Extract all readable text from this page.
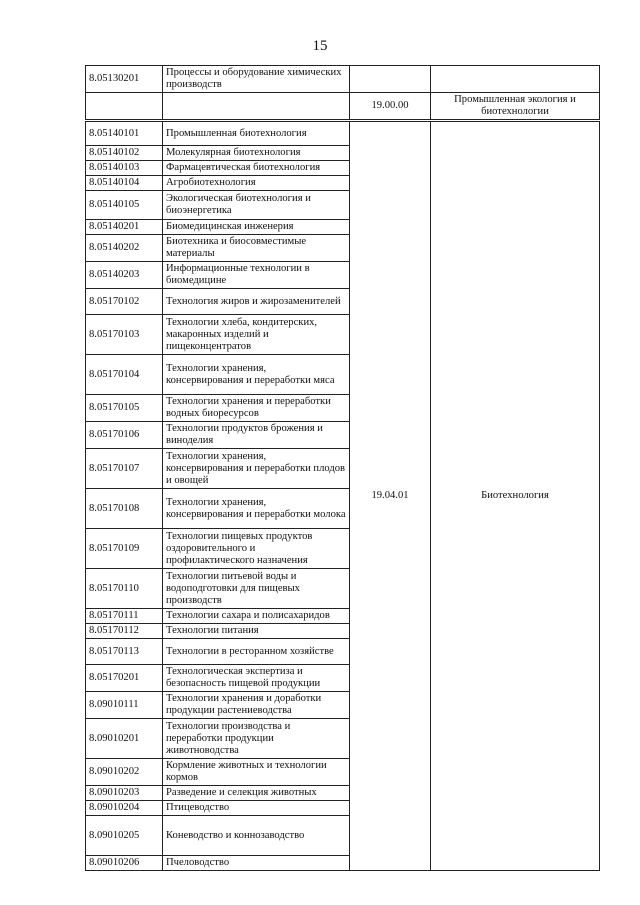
15
8.05130201	Процессы и оборудование химических производств		
		19.00.00	Промышленная экология и биотехнологии
8.05140101	Промышленная биотехнология	19.04.01	Биотехнология
8.05140102	Молекулярная биотехнология		
8.05140103	Фармацевтическая биотехнология		
8.05140104	Агробиотехнология		
8.05140105	Экологическая биотехнология и биоэнергетика		
8.05140201	Биомедицинская инженерия		
8.05140202	Биотехника и биосовместимые материалы		
8.05140203	Информационные технологии в биомедицине		
8.05170102	Технология жиров и жирозаменителей		
8.05170103	Технологии хлеба, кондитерских, макаронных изделий и пищеконцентратов		
8.05170104	Технологии хранения, консервирования и переработки мяса		
8.05170105	Технологии хранения и переработки водных биоресурсов		
8.05170106	Технологии продуктов брожения и виноделия		
8.05170107	Технологии хранения, консервирования и переработки плодов и овощей		
8.05170108	Технологии хранения, консервирования и переработки молока		
8.05170109	Технологии пищевых продуктов оздоровительного и профилактического назначения		
8.05170110	Технологии питьевой воды и водоподготовки для пищевых производств		
8.05170111	Технологии сахара и полисахаридов		
8.05170112	Технологии питания		
8.05170113	Технологии в ресторанном хозяйстве		
8.05170201	Технологическая экспертиза и безопасность пищевой продукции		
8.09010111	Технологии хранения и доработки продукции растениеводства		
8.09010201	Технологии производства и переработки продукции животноводства		
8.09010202	Кормление животных и технологии кормов		
8.09010203	Разведение и селекция животных		
8.09010204	Птицеводство		
8.09010205	Коневодство и коннозаводство		
8.09010206	Пчеловодство		
